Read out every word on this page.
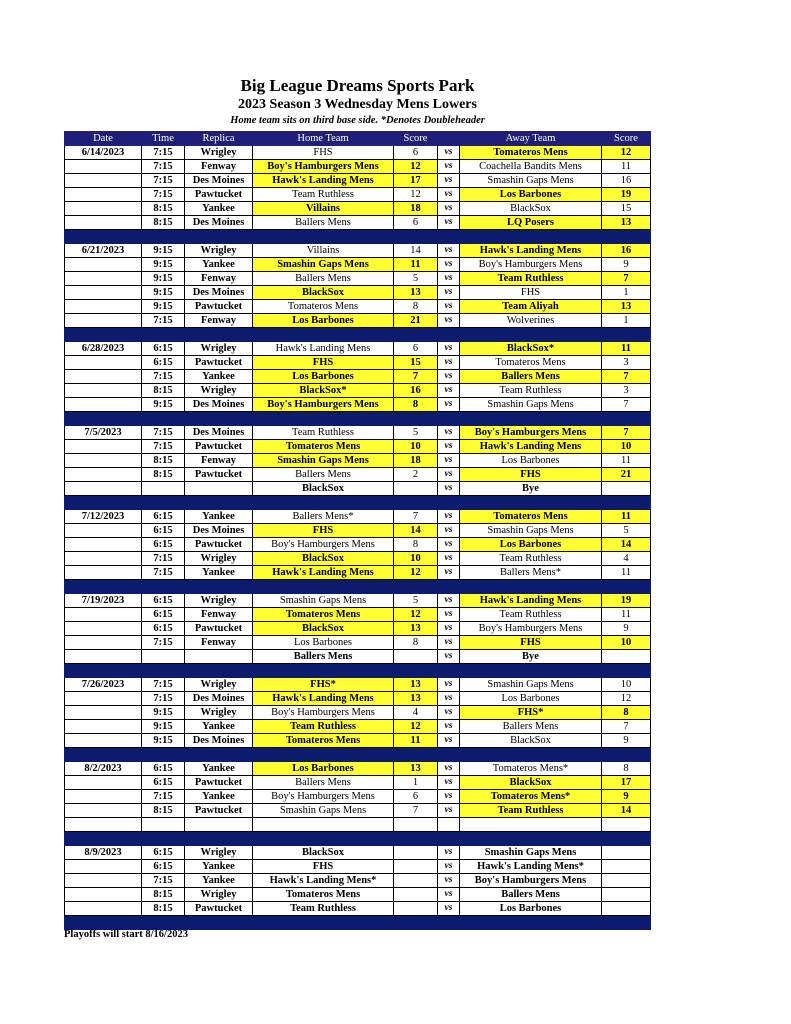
Big League Dreams Sports Park
2023 Season 3 Wednesday Mens Lowers
Home team sits on third base side. *Denotes Doubleheader
Date	Time	Replica	Home Team	Score		Away Team	Score
6/14/2023	7:15	Wrigley	FHS	6	vs	Tomateros Mens	12
	7:15	Fenway	Boy's Hamburgers Mens	12	vs	Coachella Bandits Mens	11
	7:15	Des Moines	Hawk's Landing Mens	17	vs	Smashin Gaps Mens	16
	7:15	Pawtucket	Team Ruthless	12	vs	Los Barbones	19
	8:15	Yankee	Villains	18	vs	BlackSox	15
	8:15	Des Moines	Ballers Mens	6	vs	LQ Posers	13

6/21/2023	9:15	Wrigley	Villains	14	vs	Hawk's Landing Mens	16
	9:15	Yankee	Smashin Gaps Mens	11	vs	Boy's Hamburgers Mens	9
	9:15	Fenway	Ballers Mens	5	vs	Team Ruthless	7
	9:15	Des Moines	BlackSox	13	vs	FHS	1
	9:15	Pawtucket	Tomateros Mens	8	vs	Team Aliyah	13
	7:15	Fenway	Los Barbones	21	vs	Wolverines	1

6/28/2023	6:15	Wrigley	Hawk's Landing Mens	6	vs	BlackSox*	11
	6:15	Pawtucket	FHS	15	vs	Tomateros Mens	3
	7:15	Yankee	Los Barbones	7	vs	Ballers Mens	7
	8:15	Wrigley	BlackSox*	16	vs	Team Ruthless	3
	9:15	Des Moines	Boy's Hamburgers Mens	8	vs	Smashin Gaps Mens	7

7/5/2023	7:15	Des Moines	Team Ruthless	5	vs	Boy's Hamburgers Mens	7
	7:15	Pawtucket	Tomateros Mens	10	vs	Hawk's Landing Mens	10
	8:15	Fenway	Smashin Gaps Mens	18	vs	Los Barbones	11
	8:15	Pawtucket	Ballers Mens	2	vs	FHS	21
			BlackSox		vs	Bye	

7/12/2023	6:15	Yankee	Ballers Mens*	7	vs	Tomateros Mens	11
	6:15	Des Moines	FHS	14	vs	Smashin Gaps Mens	5
	6:15	Pawtucket	Boy's Hamburgers Mens	8	vs	Los Barbones	14
	7:15	Wrigley	BlackSox	10	vs	Team Ruthless	4
	7:15	Yankee	Hawk's Landing Mens	12	vs	Ballers Mens*	11

7/19/2023	6:15	Wrigley	Smashin Gaps Mens	5	vs	Hawk's Landing Mens	19
	6:15	Fenway	Tomateros Mens	12	vs	Team Ruthless	11
	6:15	Pawtucket	BlackSox	13	vs	Boy's Hamburgers Mens	9
	7:15	Fenway	Los Barbones	8	vs	FHS	10
			Ballers Mens		vs	Bye	

7/26/2023	7:15	Wrigley	FHS*	13	vs	Smashin Gaps Mens	10
	7:15	Des Moines	Hawk's Landing Mens	13	vs	Los Barbones	12
	9:15	Wrigley	Boy's Hamburgers Mens	4	vs	FHS*	8
	9:15	Yankee	Team Ruthless	12	vs	Ballers Mens	7
	9:15	Des Moines	Tomateros Mens	11	vs	BlackSox	9

8/2/2023	6:15	Yankee	Los Barbones	13	vs	Tomateros Mens*	8
	6:15	Pawtucket	Ballers Mens	1	vs	BlackSox	17
	7:15	Yankee	Boy's Hamburgers Mens	6	vs	Tomateros Mens*	9
	8:15	Pawtucket	Smashin Gaps Mens	7	vs	Team Ruthless	14

8/9/2023	6:15	Wrigley	BlackSox		vs	Smashin Gaps Mens	
	6:15	Yankee	FHS		vs	Hawk's Landing Mens*	
	7:15	Yankee	Hawk's Landing Mens*		vs	Boy's Hamburgers Mens	
	8:15	Wrigley	Tomateros Mens		vs	Ballers Mens	
	8:15	Pawtucket	Team Ruthless		vs	Los Barbones	

Playoffs will start 8/16/2023
